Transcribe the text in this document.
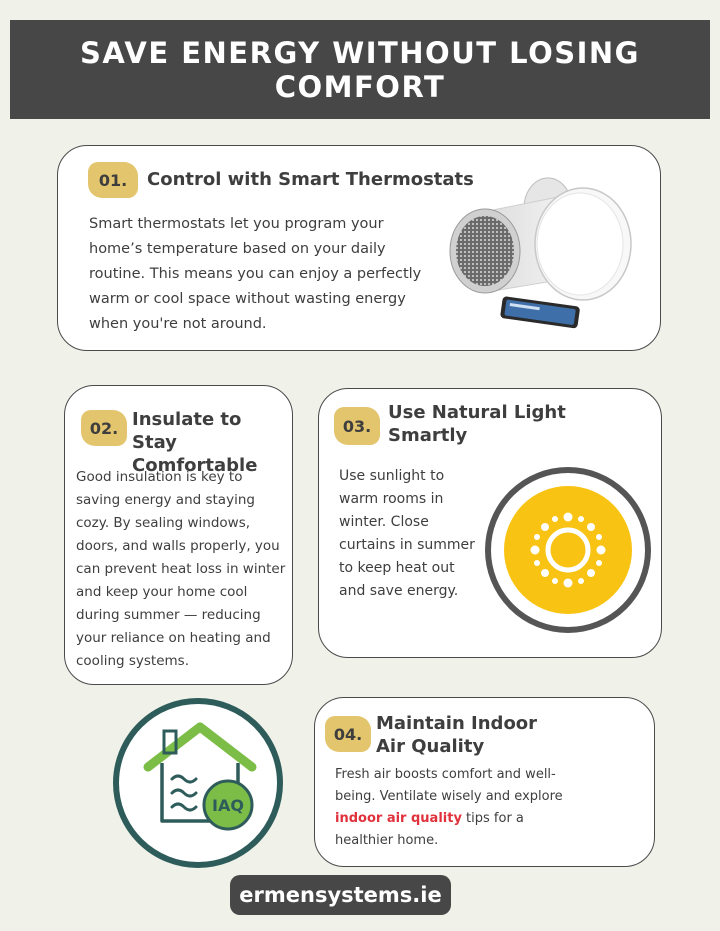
SAVE ENERGY WITHOUT LOSING COMFORT
01.	Control with Smart Thermostats
Smart thermostats let you program your home’s temperature based on your daily routine. This means you can enjoy a perfectly warm or cool space without wasting energy when you're not around.
02. Insulate to Stay
Comfortable
Good insulation is key to saving energy and staying cozy. By sealing windows, doors, and walls properly, you can prevent heat loss in winter and keep your home cool during summer — reducing your reliance on heating and cooling systems.
03.
Use Natural Light
Smartly
Use sunlight to warm rooms in winter. Close curtains in summer to keep heat out and save energy.
IAQ
04. Maintain Indoor
Air Quality
Fresh air boosts comfort and well-being. Ventilate wisely and explore indoor air quality tips for a healthier home.
ermensystems.ie
